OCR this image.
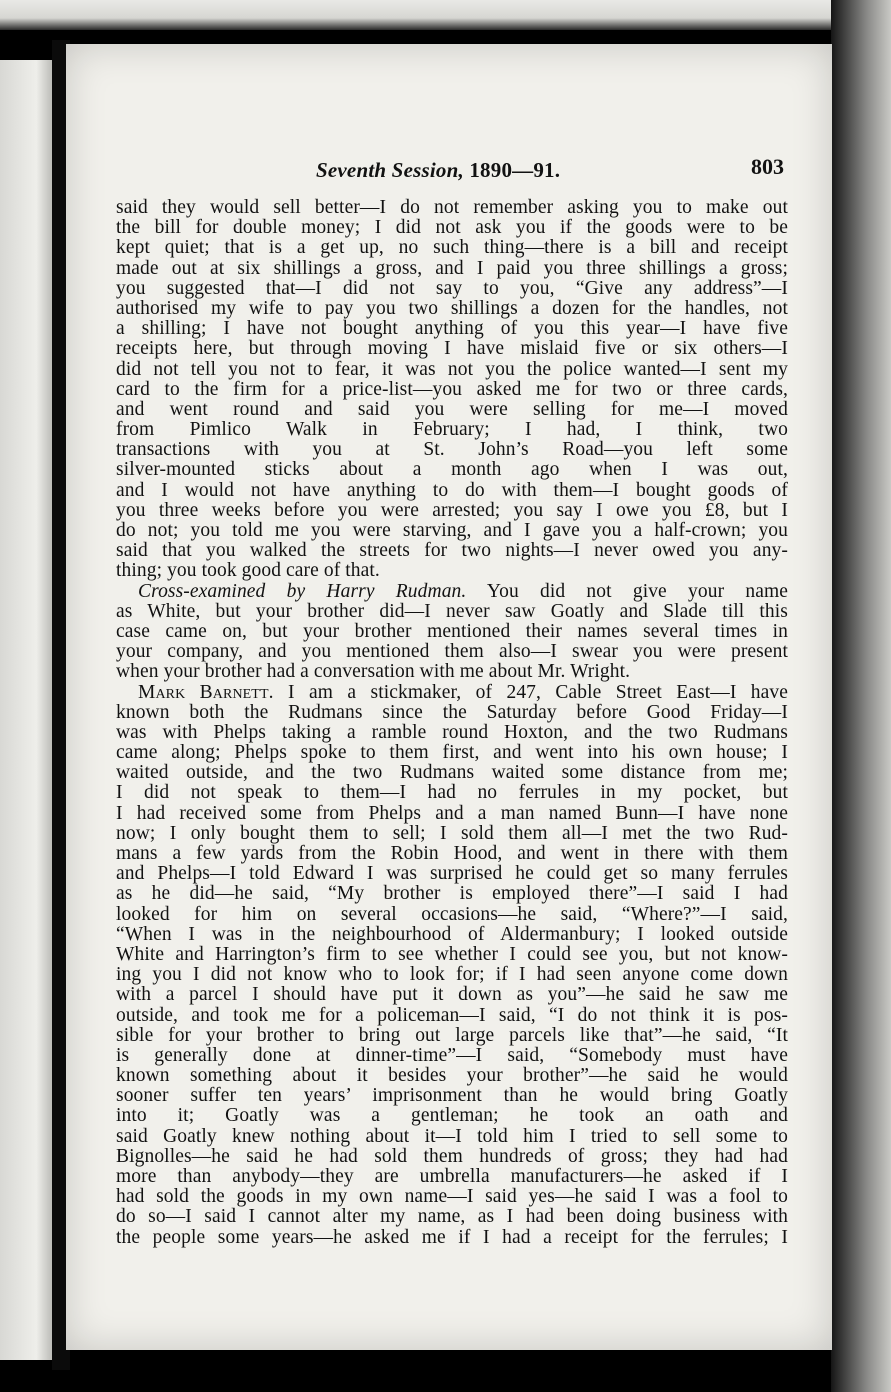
Seventh Session, 1890—91.	803
said they would sell better—I do not remember asking you to make out
the bill for double money; I did not ask you if the goods were to be
kept quiet; that is a get up, no such thing—there is a bill and receipt
made out at six shillings a gross, and I paid you three shillings a gross;
you suggested that—I did not say to you, “Give any address”—I
authorised my wife to pay you two shillings a dozen for the handles, not
a shilling; I have not bought anything of you this year—I have five
receipts here, but through moving I have mislaid five or six others—I
did not tell you not to fear, it was not you the police wanted—I sent my
card to the firm for a price-list—you asked me for two or three cards,
and went round and said you were selling for me—I moved
from Pimlico Walk in February; I had, I think, two
transactions with you at St. John’s Road—you left some
silver-mounted sticks about a month ago when I was out,
and I would not have anything to do with them—I bought goods of
you three weeks before you were arrested; you say I owe you £8, but I
do not; you told me you were starving, and I gave you a half-crown; you
said that you walked the streets for two nights—I never owed you any-
thing; you took good care of that.
Cross-examined by Harry Rudman. You did not give your name
as White, but your brother did—I never saw Goatly and Slade till this
case came on, but your brother mentioned their names several times in
your company, and you mentioned them also—I swear you were present
when your brother had a conversation with me about Mr. Wright.
Mark Barnett. I am a stickmaker, of 247, Cable Street East—I have
known both the Rudmans since the Saturday before Good Friday—I
was with Phelps taking a ramble round Hoxton, and the two Rudmans
came along; Phelps spoke to them first, and went into his own house; I
waited outside, and the two Rudmans waited some distance from me;
I did not speak to them—I had no ferrules in my pocket, but
I had received some from Phelps and a man named Bunn—I have none
now; I only bought them to sell; I sold them all—I met the two Rud-
mans a few yards from the Robin Hood, and went in there with them
and Phelps—I told Edward I was surprised he could get so many ferrules
as he did—he said, “My brother is employed there”—I said I had
looked for him on several occasions—he said, “Where?”—I said,
“When I was in the neighbourhood of Aldermanbury; I looked outside
White and Harrington’s firm to see whether I could see you, but not know-
ing you I did not know who to look for; if I had seen anyone come down
with a parcel I should have put it down as you”—he said he saw me
outside, and took me for a policeman—I said, “I do not think it is pos-
sible for your brother to bring out large parcels like that”—he said, “It
is generally done at dinner-time”—I said, “Somebody must have
known something about it besides your brother”—he said he would
sooner suffer ten years’ imprisonment than he would bring Goatly
into it; Goatly was a gentleman; he took an oath and
said Goatly knew nothing about it—I told him I tried to sell some to
Bignolles—he said he had sold them hundreds of gross; they had had
more than anybody—they are umbrella manufacturers—he asked if I
had sold the goods in my own name—I said yes—he said I was a fool to
do so—I said I cannot alter my name, as I had been doing business with
the people some years—he asked me if I had a receipt for the ferrules; I
